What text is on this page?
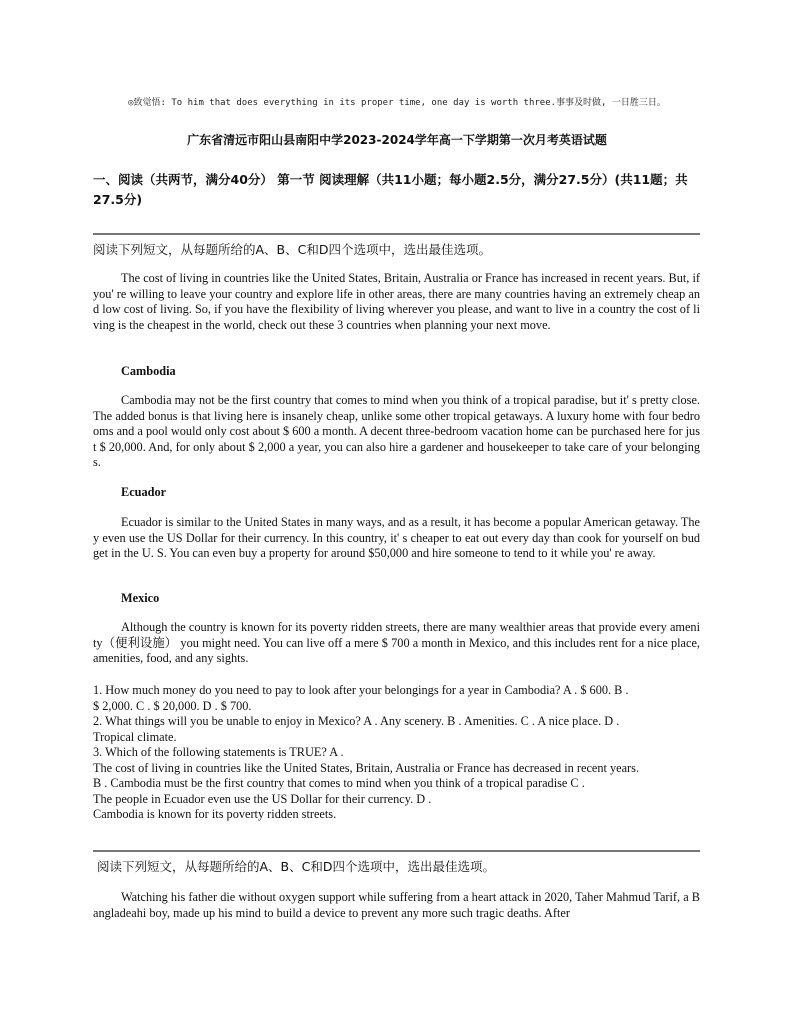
◎致觉悟: To him that does everything in its proper time, one day is worth three.事事及时做, 一日胜三日。
广东省清远市阳山县南阳中学2023-2024学年高一下学期第一次月考英语试题
一、阅读（共两节，满分40分） 第一节 阅读理解（共11小题；每小题2.5分，满分27.5分）(共11题；共27.5分)
阅读下列短文，从每题所给的A、B、C和D四个选项中，选出最佳选项。
The cost of living in countries like the United States, Britain, Australia or France has increased in recent years. But, if you' re willing to leave your country and explore life in other areas, there are many countries having an extremely cheap and low cost of living. So, if you have the flexibility of living wherever you please, and want to live in a country the cost of living is the cheapest in the world, check out these 3 countries when planning your next move.
Cambodia
Cambodia may not be the first country that comes to mind when you think of a tropical paradise, but it' s pretty close. The added bonus is that living here is insanely cheap, unlike some other tropical getaways. A luxury home with four bedrooms and a pool would only cost about $ 600 a month. A decent three-bedroom vacation home can be purchased here for just $ 20,000. And, for only about $ 2,000 a year, you can also hire a gardener and housekeeper to take care of your belongings.
Ecuador
Ecuador is similar to the United States in many ways, and as a result, it has become a popular American getaway. They even use the US Dollar for their currency. In this country, it' s cheaper to eat out every day than cook for yourself on budget in the U. S. You can even buy a property for around $50,000 and hire someone to tend to it while you' re away.
Mexico
Although the country is known for its poverty ridden streets, there are many wealthier areas that provide every amenity（便利设施） you might need. You can live off a mere $ 700 a month in Mexico, and this includes rent for a nice place, amenities, food, and any sights.
1. How much money do you need to pay to look after your belongings for a year in Cambodia? A . $ 600. B .
$ 2,000. C . $ 20,000. D . $ 700.
2. What things will you be unable to enjoy in Mexico? A . Any scenery. B . Amenities. C . A nice place. D .
Tropical climate.
3. Which of the following statements is TRUE? A .
The cost of living in countries like the United States, Britain, Australia or France has decreased in recent years.
B . Cambodia must be the first country that comes to mind when you think of a tropical paradise C .
The people in Ecuador even use the US Dollar for their currency. D .
Cambodia is known for its poverty ridden streets.
阅读下列短文，从每题所给的A、B、C和D四个选项中，选出最佳选项。
Watching his father die without oxygen support while suffering from a heart attack in 2020, Taher Mahmud Tarif, a Bangladeahi boy, made up his mind to build a device to prevent any more such tragic deaths. After
